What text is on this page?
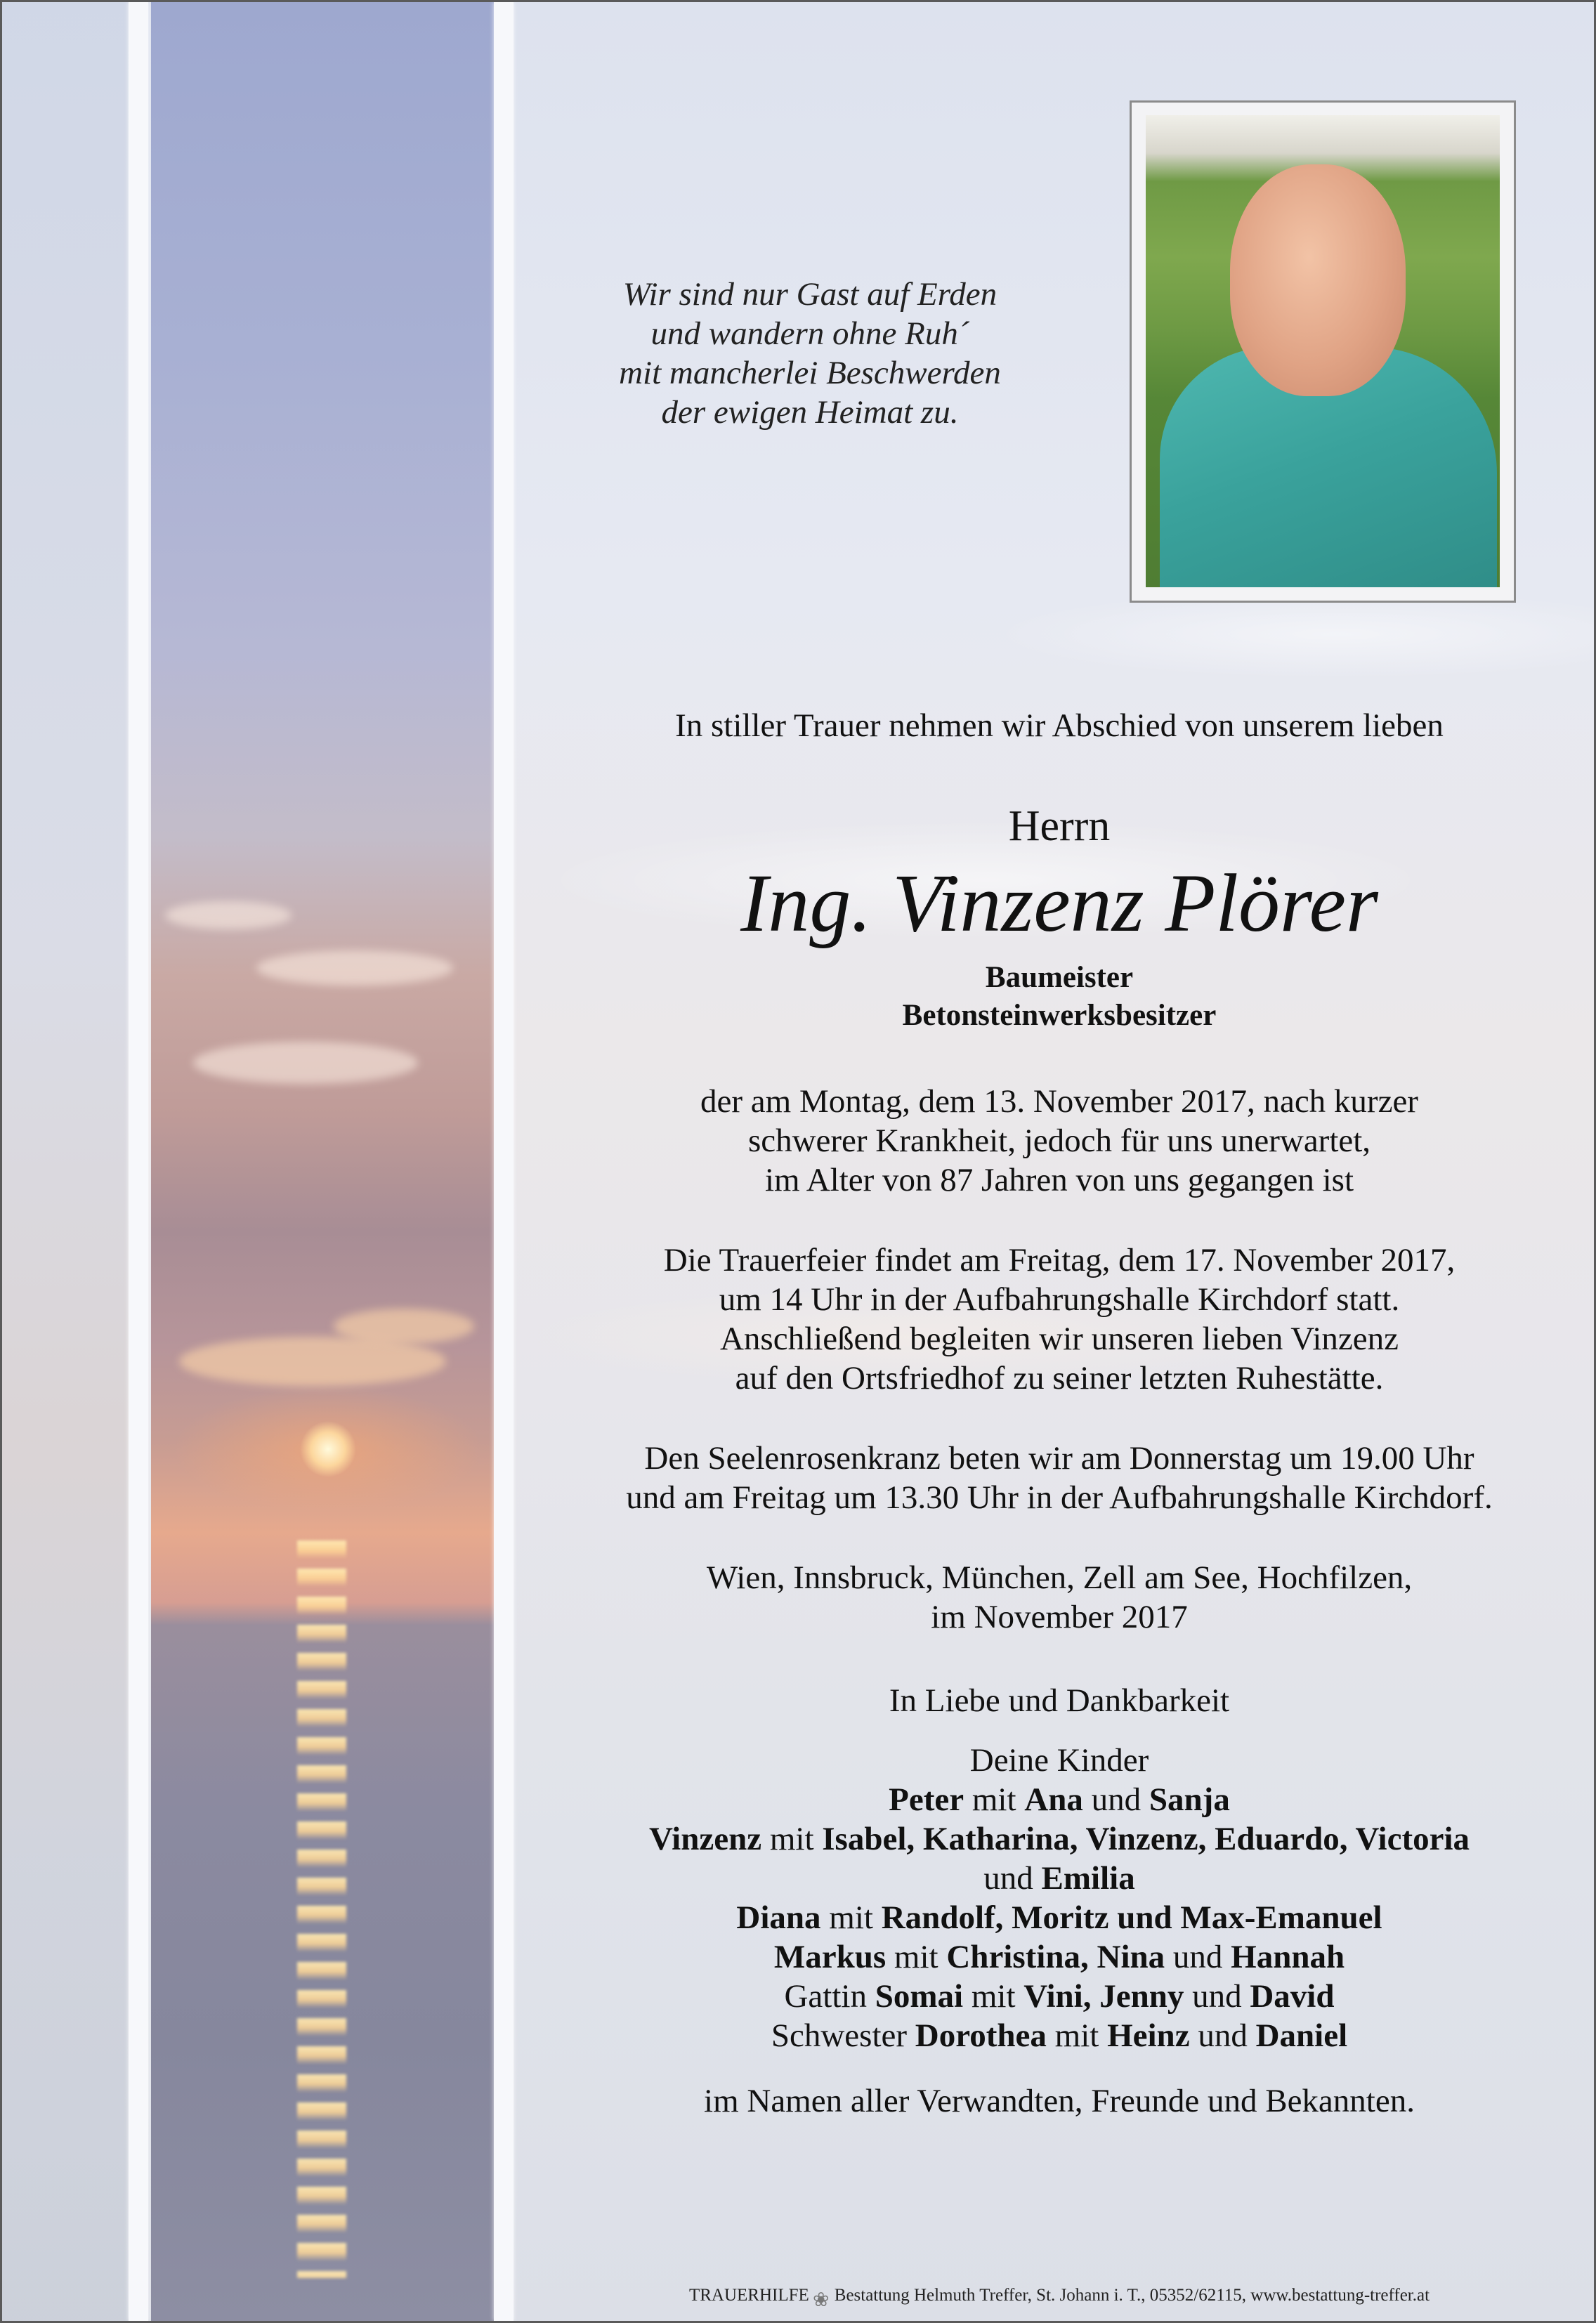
Wir sind nur Gast auf Erden
und wandern ohne Ruh´
mit mancherlei Beschwerden
der ewigen Heimat zu.
In stiller Trauer nehmen wir Abschied von unserem lieben
Herrn
Ing. Vinzenz Plörer
Baumeister
Betonsteinwerksbesitzer
der am Montag, dem 13. November 2017, nach kurzer
schwerer Krankheit, jedoch für uns unerwartet,
im Alter von 87 Jahren von uns gegangen ist
Die Trauerfeier findet am Freitag, dem 17. November 2017,
um 14 Uhr in der Aufbahrungshalle Kirchdorf statt.
Anschließend begleiten wir unseren lieben Vinzenz
auf den Ortsfriedhof zu seiner letzten Ruhestätte.
Den Seelenrosenkranz beten wir am Donnerstag um 19.00 Uhr
und am Freitag um 13.30 Uhr in der Aufbahrungshalle Kirchdorf.
Wien, Innsbruck, München, Zell am See, Hochfilzen,
im November 2017
In Liebe und Dankbarkeit
Deine Kinder
Peter mit Ana und Sanja
Vinzenz mit Isabel, Katharina, Vinzenz, Eduardo, Victoria
und Emilia
Diana mit Randolf, Moritz und Max-Emanuel
Markus mit Christina, Nina und Hannah
Gattin Somai mit Vini, Jenny und David
Schwester Dorothea mit Heinz und Daniel
im Namen aller Verwandten, Freunde und Bekannten.
TRAUERHILFE ❀ Bestattung Helmuth Treffer, St. Johann i. T., 05352/62115, www.bestattung-treffer.at
